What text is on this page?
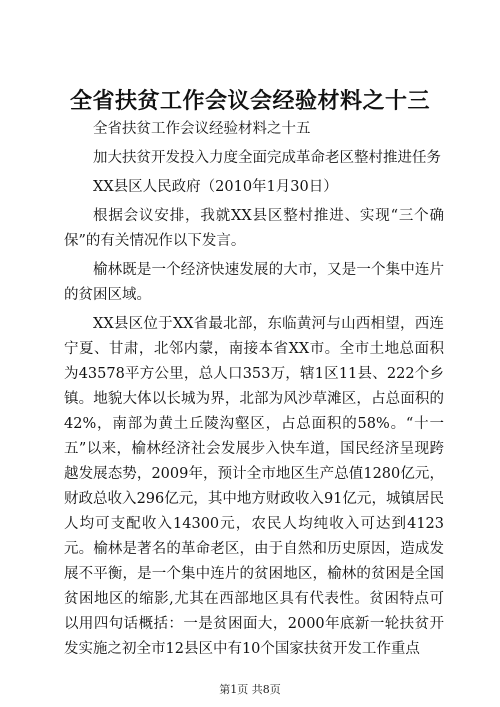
全省扶贫工作会议会经验材料之十三

全省扶贫工作会议经验材料之十五

加大扶贫开发投入力度全面完成革命老区整村推进任务

XX县区人民政府（2010年1月30日）

根据会议安排，我就XX县区整村推进、实现“三个确保”的有关情况作以下发言。

榆林既是一个经济快速发展的大市，又是一个集中连片的贫困区域。

XX县区位于XX省最北部，东临黄河与山西相望，西连宁夏、甘肃，北邻内蒙，南接本省XX市。全市土地总面积为43578平方公里，总人口353万，辖1区11县、222个乡镇。地貌大体以长城为界，北部为风沙草滩区，占总面积的42%，南部为黄土丘陵沟壑区，占总面积的58%。“十一五”以来，榆林经济社会发展步入快车道，国民经济呈现跨越发展态势，2009年，预计全市地区生产总值1280亿元，财政总收入296亿元，其中地方财政收入91亿元，城镇居民人均可支配收入14300元，农民人均纯收入可达到4123元。榆林是著名的革命老区，由于自然和历史原因，造成发展不平衡，是一个集中连片的贫困地区，榆林的贫困是全国贫困地区的缩影,尤其在西部地区具有代表性。贫困特点可以用四句话概括：一是贫困面大，2000年底新一轮扶贫开发实施之初全市12县区中有10个国家扶贫开发工作重点

第1页 共8页
